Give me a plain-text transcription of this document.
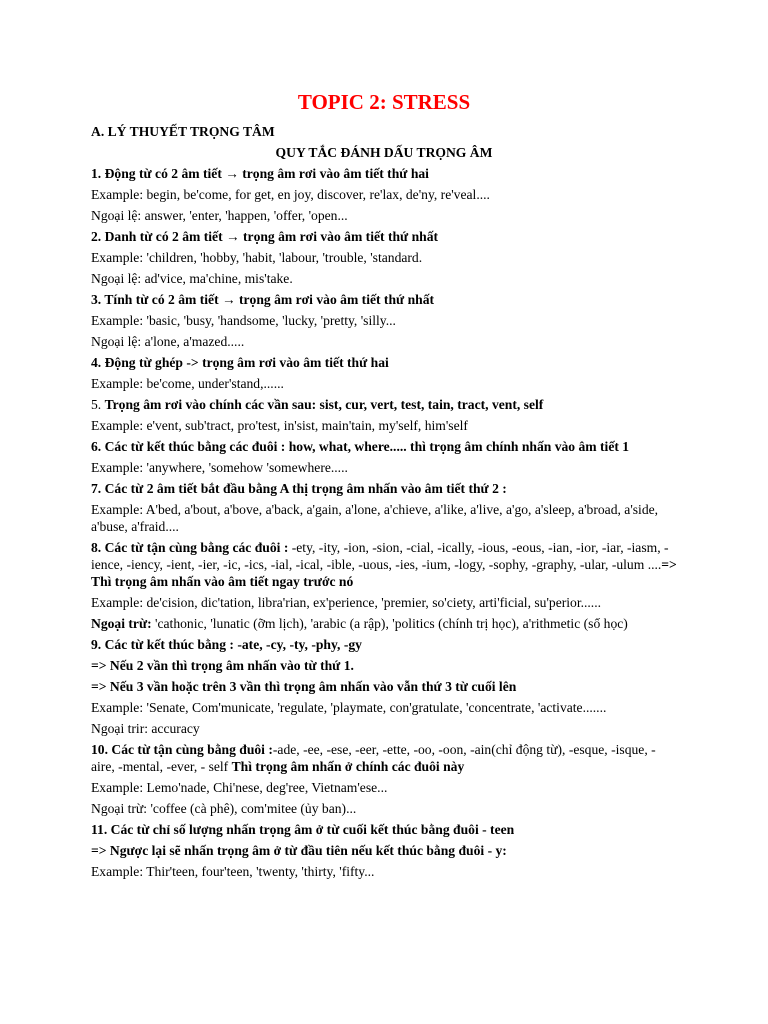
TOPIC 2: STRESS
A. LÝ THUYẾT TRỌNG TÂM
QUY TẮC ĐÁNH DẤU TRỌNG ÂM
1. Động từ có 2 âm tiết → trọng âm rơi vào âm tiết thứ hai
Example: begin, be'come, for get, en joy, discover, re'lax, de'ny, re'veal....
Ngoại lệ: answer, 'enter, 'happen, 'offer, 'open...
2. Danh từ có 2 âm tiết → trọng âm rơi vào âm tiết thứ nhất
Example: 'children, 'hobby, 'habit, 'labour, 'trouble, 'standard.
Ngoại lệ: ad'vice, ma'chine, mis'take.
3. Tính từ có 2 âm tiết → trọng âm rơi vào âm tiết thứ nhất
Example: 'basic, 'busy, 'handsome, 'lucky, 'pretty, 'silly...
Ngoại lệ: a'lone, a'mazed.....
4. Động từ ghép -> trọng âm rơi vào âm tiết thứ hai
Example: be'come, under'stand,......
5. Trọng âm rơi vào chính các vần sau: sist, cur, vert, test, tain, tract, vent, self
Example: e'vent, sub'tract, pro'test, in'sist, main'tain, my'self, him'self
6. Các từ kết thúc bằng các đuôi : how, what, where..... thì trọng âm chính nhấn vào âm tiết 1
Example: 'anywhere, 'somehow 'somewhere.....
7. Các từ 2 âm tiết bắt đầu bằng A thị trọng âm nhấn vào âm tiết thứ 2 :
Example: A'bed, a'bout, a'bove, a'back, a'gain, a'lone, a'chieve, a'like, a'live, a'go, a'sleep, a'broad, a'side, a'buse, a'fraid....
8. Các từ tận cùng bằng các đuôi : -ety, -ity, -ion, -sion, -cial, -ically, -ious, -eous, -ian, -ior, -iar, -iasm, -ience, -iency, -ient, -ier, -ic, -ics, -ial, -ical, -ible, -uous, -ies, -ium, -logy, -sophy, -graphy, -ular, -ulum ....=> Thì trọng âm nhấn vào âm tiết ngay trước nó
Example: de'cision, dic'tation, libra'rian, ex'perience, 'premier, so'ciety, arti'ficial, su'perior......
Ngoại trừ: 'cathonic, 'lunatic (ỡm lịch), 'arabic (a rập), 'politics (chính trị học), a'rithmetic (số học)
9. Các từ kết thúc bằng : -ate, -cy, -ty, -phy, -gy
=> Nếu 2 vần thì trọng âm nhấn vào từ thứ 1.
=> Nếu 3 vần hoặc trên 3 vần thì trọng âm nhấn vào vẫn thứ 3 từ cuối lên
Example: 'Senate, Com'municate, 'regulate, 'playmate, con'gratulate, 'concentrate, 'activate.......
Ngoại trir: accuracy
10. Các từ tận cùng bằng đuôi :-ade, -ee, -ese, -eer, -ette, -oo, -oon, -ain(chỉ động từ), -esque, -isque, -aire, -mental, -ever, - self Thì trọng âm nhấn ở chính các đuôi này
Example: Lemo'nade, Chi'nese, deg'ree, Vietnam'ese...
Ngoại trừ: 'coffee (cà phê), com'mitee (ủy ban)...
11. Các từ chỉ số lượng nhấn trọng âm ở từ cuối kết thúc bằng đuôi - teen
=> Ngược lại sẽ nhấn trọng âm ở từ đầu tiên nếu kết thúc bằng đuôi - y:
Example: Thir'teen, four'teen, 'twenty, 'thirty, 'fifty...
